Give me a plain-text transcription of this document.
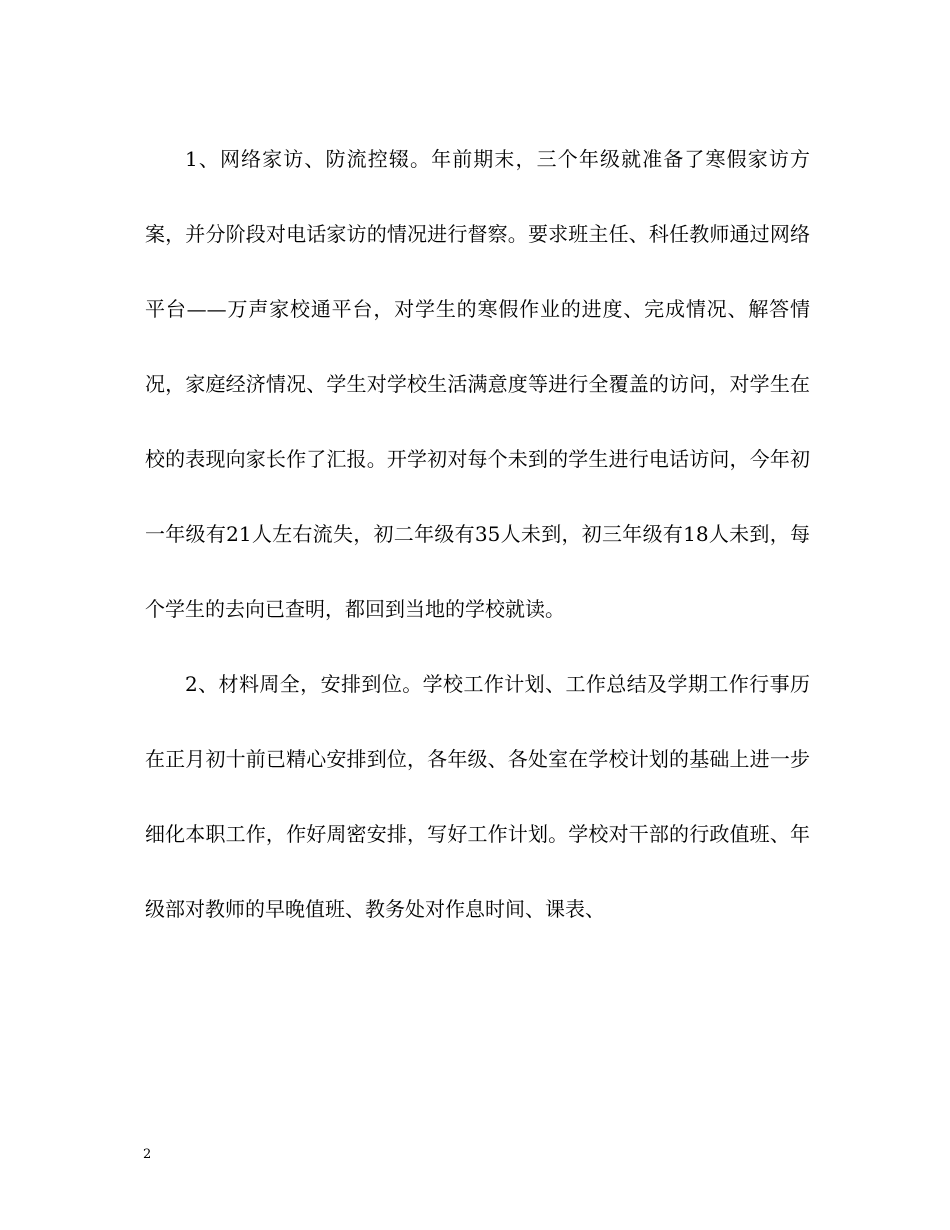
1、网络家访、防流控辍。年前期末，三个年级就准备了寒假家访方案，并分阶段对电话家访的情况进行督察。要求班主任、科任教师通过网络平台——万声家校通平台，对学生的寒假作业的进度、完成情况、解答情况，家庭经济情况、学生对学校生活满意度等进行全覆盖的访问，对学生在校的表现向家长作了汇报。开学初对每个未到的学生进行电话访问，今年初一年级有21人左右流失，初二年级有35人未到，初三年级有18人未到，每个学生的去向已查明，都回到当地的学校就读。

2、材料周全，安排到位。学校工作计划、工作总结及学期工作行事历在正月初十前已精心安排到位，各年级、各处室在学校计划的基础上进一步细化本职工作，作好周密安排，写好工作计划。学校对干部的行政值班、年级部对教师的早晚值班、教务处对作息时间、课表、

2
